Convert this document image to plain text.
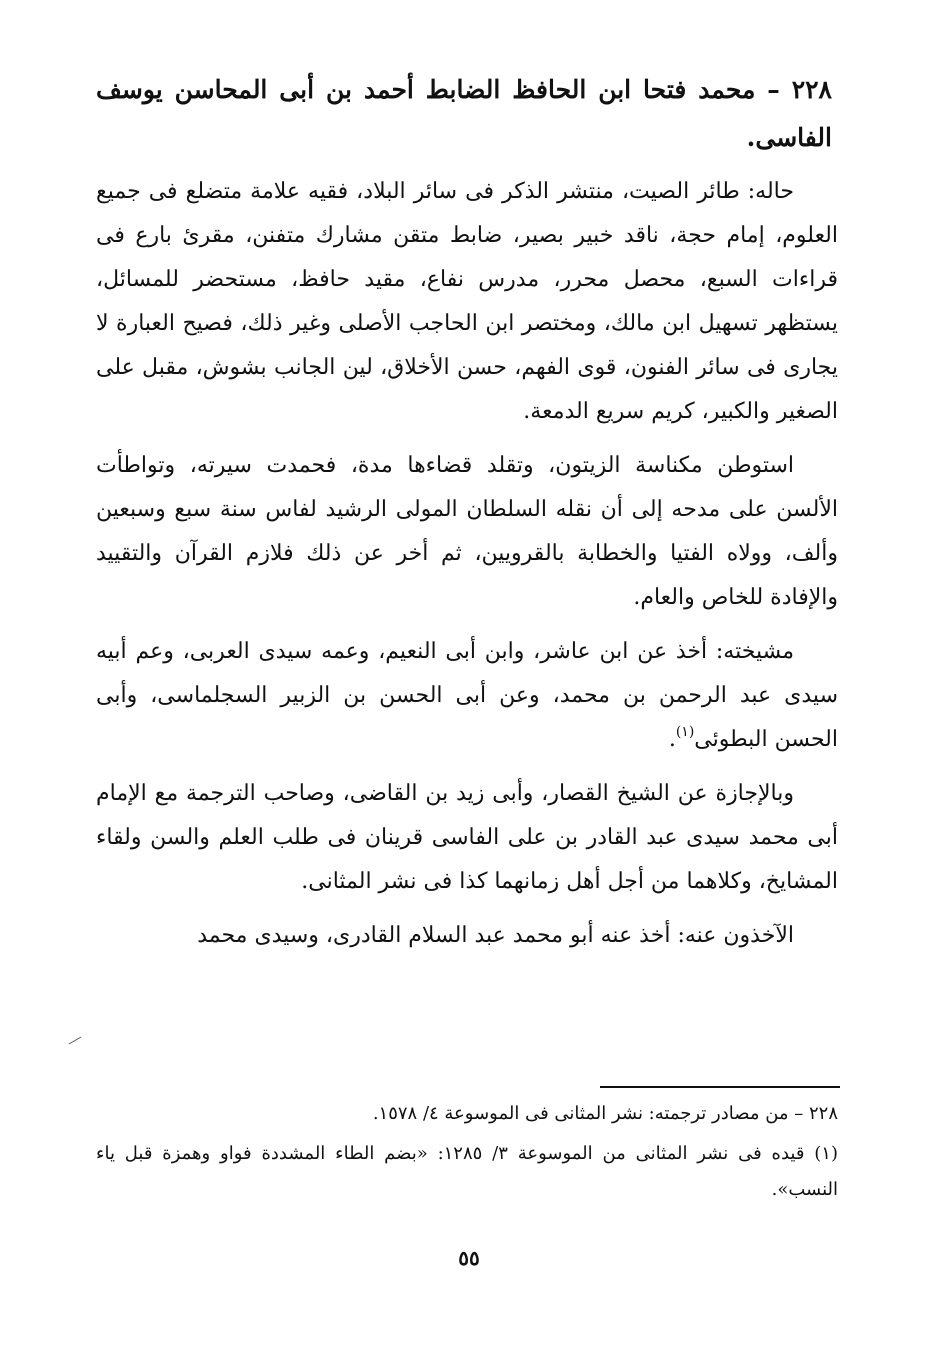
٢٢٨ – محمد فتحا ابن الحافظ الضابط أحمد بن أبى المحاسن يوسف الفاسى.

حاله: طائر الصيت، منتشر الذكر فى سائر البلاد، فقيه علامة متضلع فى جميع العلوم، إمام حجة، ناقد خبير بصير، ضابط متقن مشارك متفنن، مقرئ بارع فى قراءات السبع، محصل محرر، مدرس نفاع، مقيد حافظ، مستحضر للمسائل، يستظهر تسهيل ابن مالك، ومختصر ابن الحاجب الأصلى وغير ذلك، فصيح العبارة لا يجارى فى سائر الفنون، قوى الفهم، حسن الأخلاق، لين الجانب بشوش، مقبل على الصغير والكبير، كريم سريع الدمعة.

استوطن مكناسة الزيتون، وتقلد قضاءها مدة، فحمدت سيرته، وتواطأت الألسن على مدحه إلى أن نقله السلطان المولى الرشيد لفاس سنة سبع وسبعين وألف، وولاه الفتيا والخطابة بالقرويين، ثم أخر عن ذلك فلازم القرآن والتقييد والإفادة للخاص والعام.

مشيخته: أخذ عن ابن عاشر، وابن أبى النعيم، وعمه سيدى العربى، وعم أبيه سيدى عبد الرحمن بن محمد، وعن أبى الحسن بن الزبير السجلماسى، وأبى الحسن البطوئى$^{(١)}$.

وبالإجازة عن الشيخ القصار، وأبى زيد بن القاضى، وصاحب الترجمة مع الإمام أبى محمد سيدى عبد القادر بن على الفاسى قرينان فى طلب العلم والسن ولقاء المشايخ، وكلاهما من أجل أهل زمانهما كذا فى نشر المثانى.

الآخذون عنه: أخذ عنه أبو محمد عبد السلام القادرى، وسيدى محمد

٢٢٨ – من مصادر ترجمته: نشر المثانى فى الموسوعة ٤/ ١٥٧٨.

(١) قيده فى نشر المثانى من الموسوعة ٣/ ١٢٨٥: «بضم الطاء المشددة فواو وهمزة قبل ياء النسب».

٥٥
